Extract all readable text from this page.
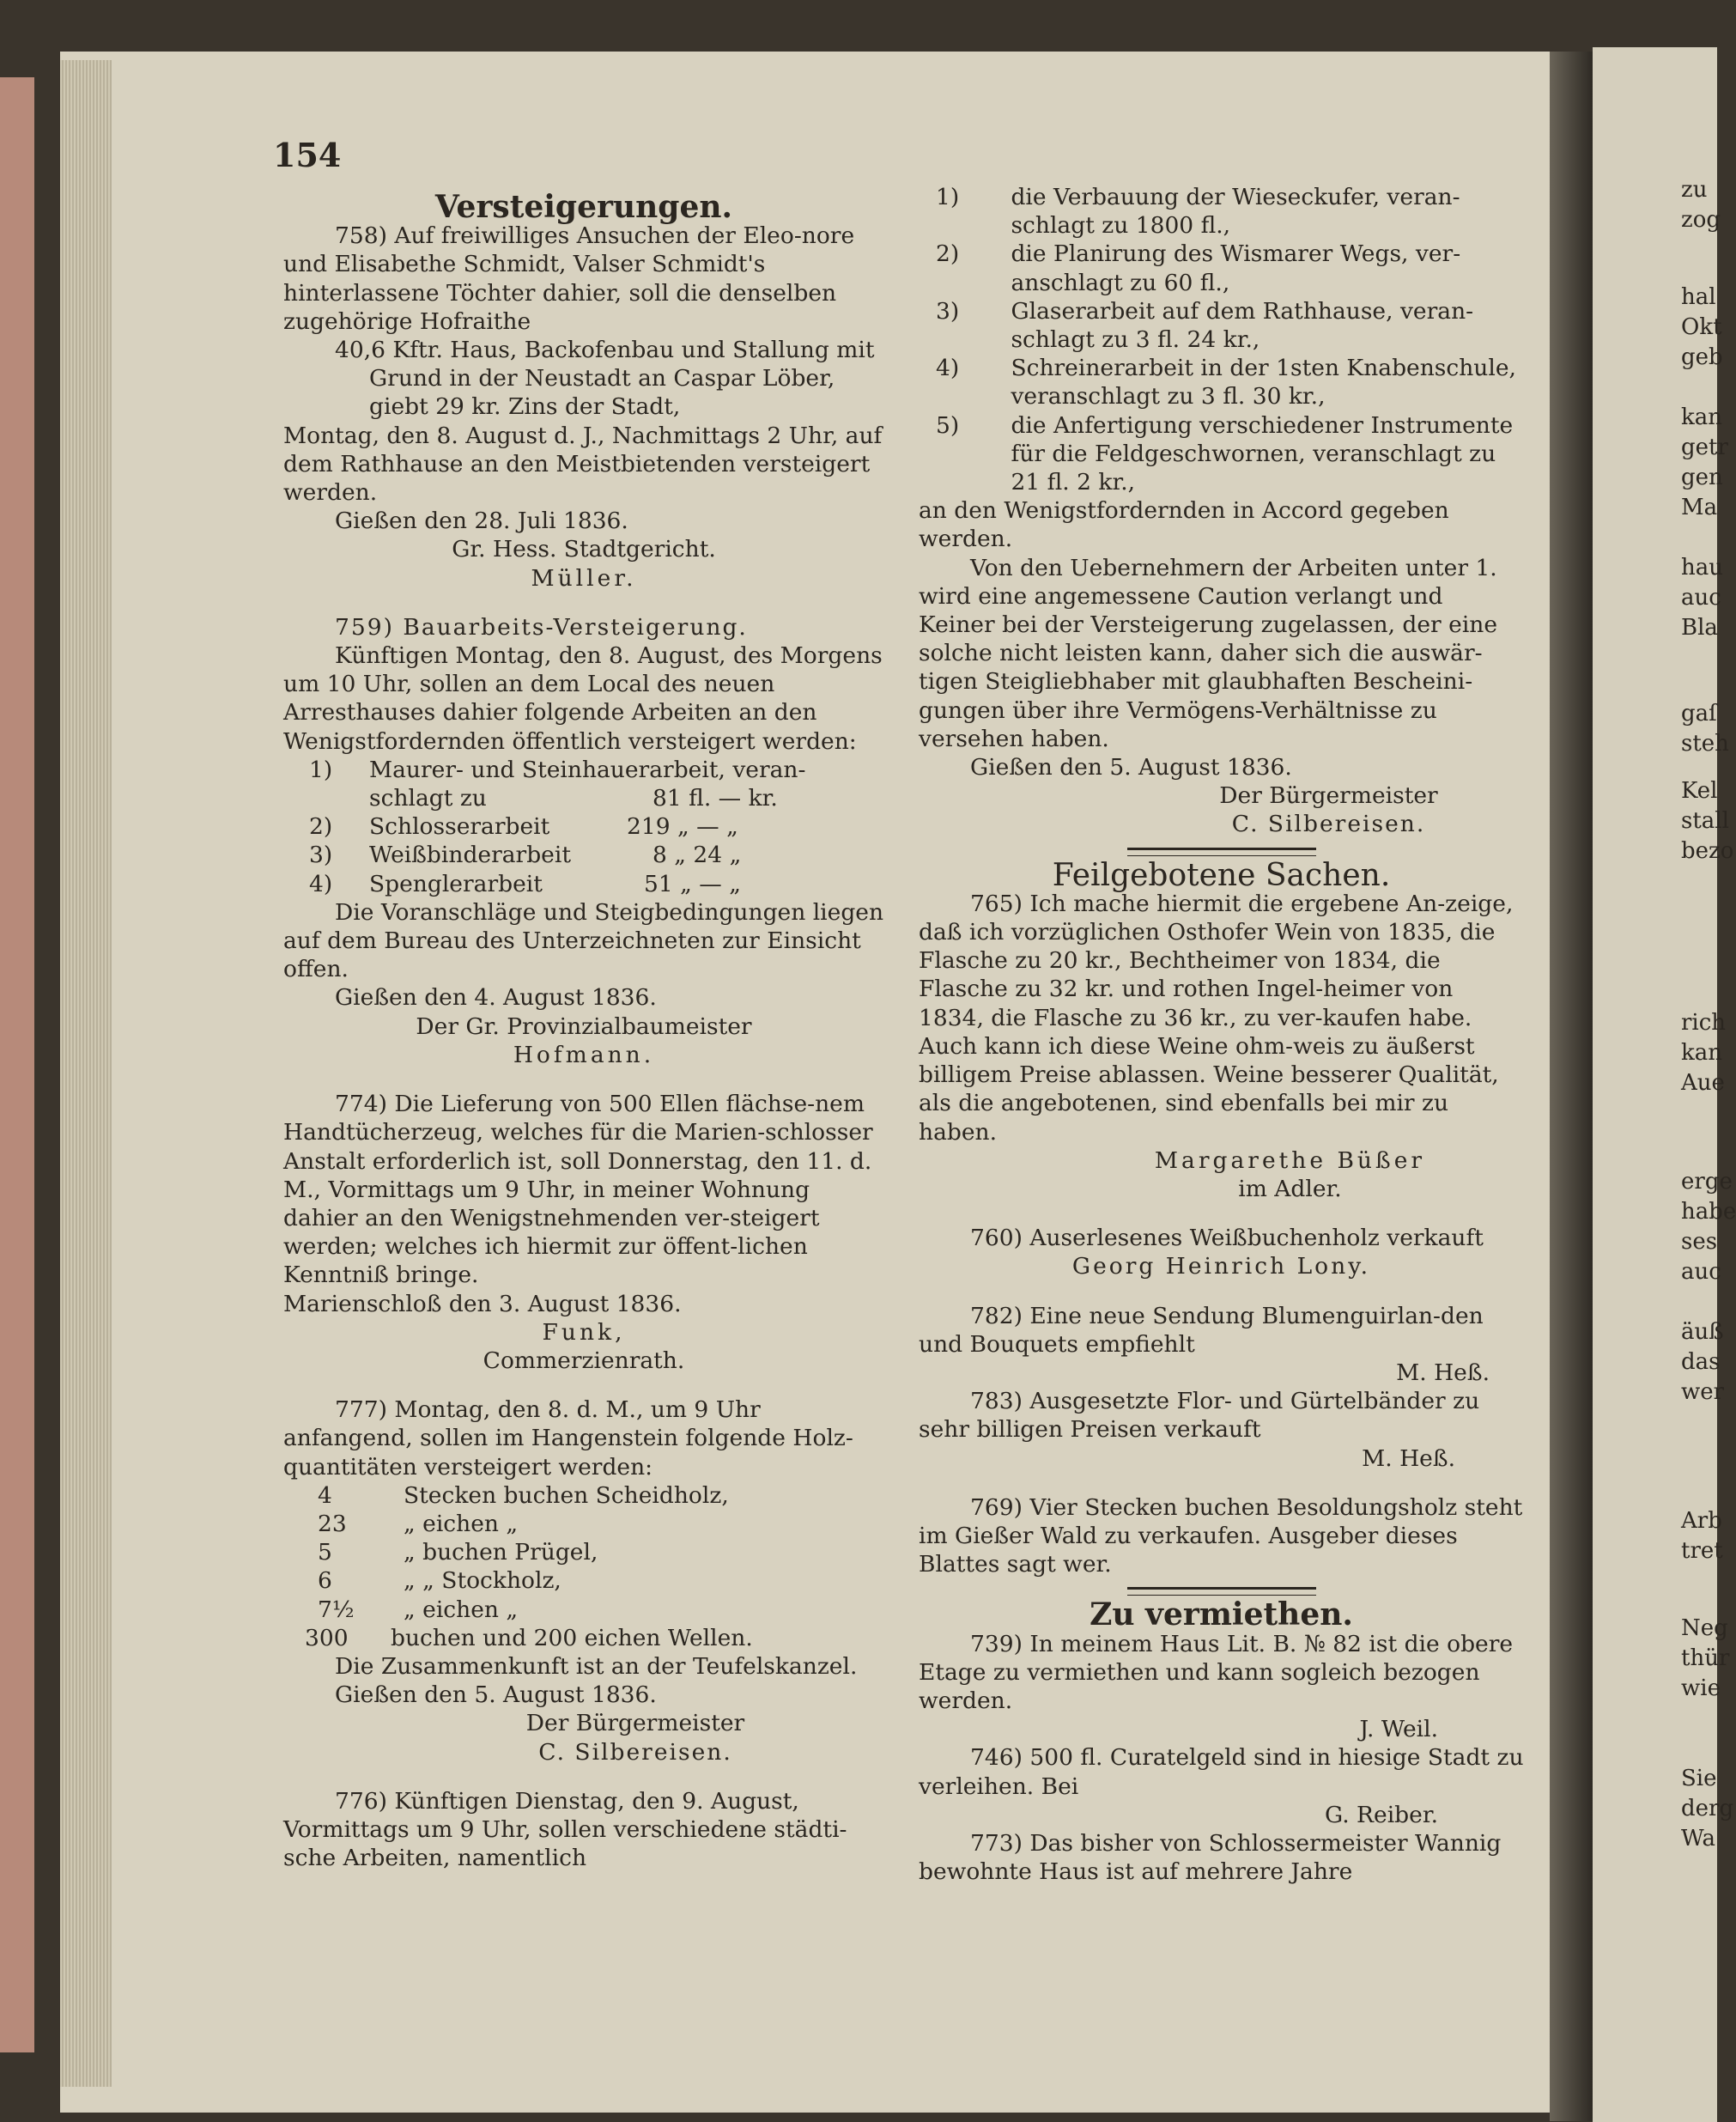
154

Versteigerungen.

758) Auf freiwilliges Ansuchen der Eleo-nore und Elisabethe Schmidt, Valser Schmidt's hinterlassene Töchter dahier, soll die denselben zugehörige Hofraithe

40,6 Kftr. Haus, Backofenbau und Stallung mit Grund in der Neustadt an Caspar Löber, giebt 29 kr. Zins der Stadt,

Montag, den 8. August d. J., Nachmittags 2 Uhr, auf dem Rathhause an den Meistbietenden versteigert werden.

Gießen den 28. Juli 1836.

Gr. Hess. Stadtgericht.

Müller.

759) Bauarbeits-Versteigerung.

Künftigen Montag, den 8. August, des Morgens um 10 Uhr, sollen an dem Local des neuen Arresthauses dahier folgende Arbeiten an den Wenigstfordernden öffentlich versteigert werden:

1)	Maurer- und Steinhauerarbeit, veran-
schlagt zu	81 fl. — kr.
2)	Schlosserarbeit	219 „ — „
3)	Weißbinderarbeit	8 „ 24 „
4)	Spenglerarbeit	51 „ — „

Die Voranschläge und Steigbedingungen liegen auf dem Bureau des Unterzeichneten zur Einsicht offen.

Gießen den 4. August 1836.

Der Gr. Provinzialbaumeister

Hofmann.

774) Die Lieferung von 500 Ellen flächse-nem Handtücherzeug, welches für die Marien-schlosser Anstalt erforderlich ist, soll Donnerstag, den 11. d. M., Vormittags um 9 Uhr, in meiner Wohnung dahier an den Wenigstnehmenden ver-steigert werden; welches ich hiermit zur öffent-lichen Kenntniß bringe.

Marienschloß den 3. August 1836.

Funk,

Commerzienrath.

777) Montag, den 8. d. M., um 9 Uhr anfangend, sollen im Hangenstein folgende Holz-quantitäten versteigert werden:

4	Stecken buchen Scheidholz,
23	„ eichen „
5	„ buchen Prügel,
6	„ „ Stockholz,
7½	„ eichen „
300	buchen und 200 eichen Wellen.

Die Zusammenkunft ist an der Teufelskanzel.

Gießen den 5. August 1836.

Der Bürgermeister

C. Silbereisen.

776) Künftigen Dienstag, den 9. August, Vormittags um 9 Uhr, sollen verschiedene städti-sche Arbeiten, namentlich

1)	die Verbauung der Wieseckufer, veran-schlagt zu 1800 fl.,
2)	die Planirung des Wismarer Wegs, ver-anschlagt zu 60 fl.,
3)	Glaserarbeit auf dem Rathhause, veran-schlagt zu 3 fl. 24 kr.,
4)	Schreinerarbeit in der 1sten Knabenschule, veranschlagt zu 3 fl. 30 kr.,
5)	die Anfertigung verschiedener Instrumente für die Feldgeschwornen, veranschlagt zu 21 fl. 2 kr.,

an den Wenigstfordernden in Accord gegeben werden.

Von den Uebernehmern der Arbeiten unter 1. wird eine angemessene Caution verlangt und Keiner bei der Versteigerung zugelassen, der eine solche nicht leisten kann, daher sich die auswär-tigen Steigliebhaber mit glaubhaften Bescheini-gungen über ihre Vermögens-Verhältnisse zu versehen haben.

Gießen den 5. August 1836.

Der Bürgermeister

C. Silbereisen.

Feilgebotene Sachen.

765) Ich mache hiermit die ergebene An-zeige, daß ich vorzüglichen Osthofer Wein von 1835, die Flasche zu 20 kr., Bechtheimer von 1834, die Flasche zu 32 kr. und rothen Ingel-heimer von 1834, die Flasche zu 36 kr., zu ver-kaufen habe. Auch kann ich diese Weine ohm-weis zu äußerst billigem Preise ablassen. Weine besserer Qualität, als die angebotenen, sind ebenfalls bei mir zu haben.

Margarethe Büßer

im Adler.

760) Auserlesenes Weißbuchenholz verkauft

Georg Heinrich Lony.

782) Eine neue Sendung Blumenguirlan-den und Bouquets empfiehlt

M. Heß.

783) Ausgesetzte Flor- und Gürtelbänder zu sehr billigen Preisen verkauft

M. Heß.

769) Vier Stecken buchen Besoldungsholz steht im Gießer Wald zu verkaufen. Ausgeber dieses Blattes sagt wer.

Zu vermiethen.

739) In meinem Haus Lit. B. № 82 ist die obere Etage zu vermiethen und kann sogleich bezogen werden.

J. Weil.

746) 500 fl. Curatelgeld sind in hiesige Stadt zu verleihen. Bei

G. Reiber.

773) Das bisher von Schlossermeister Wannig bewohnte Haus ist auf mehrere Jahre

zu
zog
hal
Okt
geb
kan
getr
gen
Ma
hau
auc
Bla
gaſ
steh
Kel
stall
bezo
rich
kan
Aue
erge
habe
ses
auc
äuß
das
wer
Arb
tret
Neg
thür
wie
Sie
derg
Wa
